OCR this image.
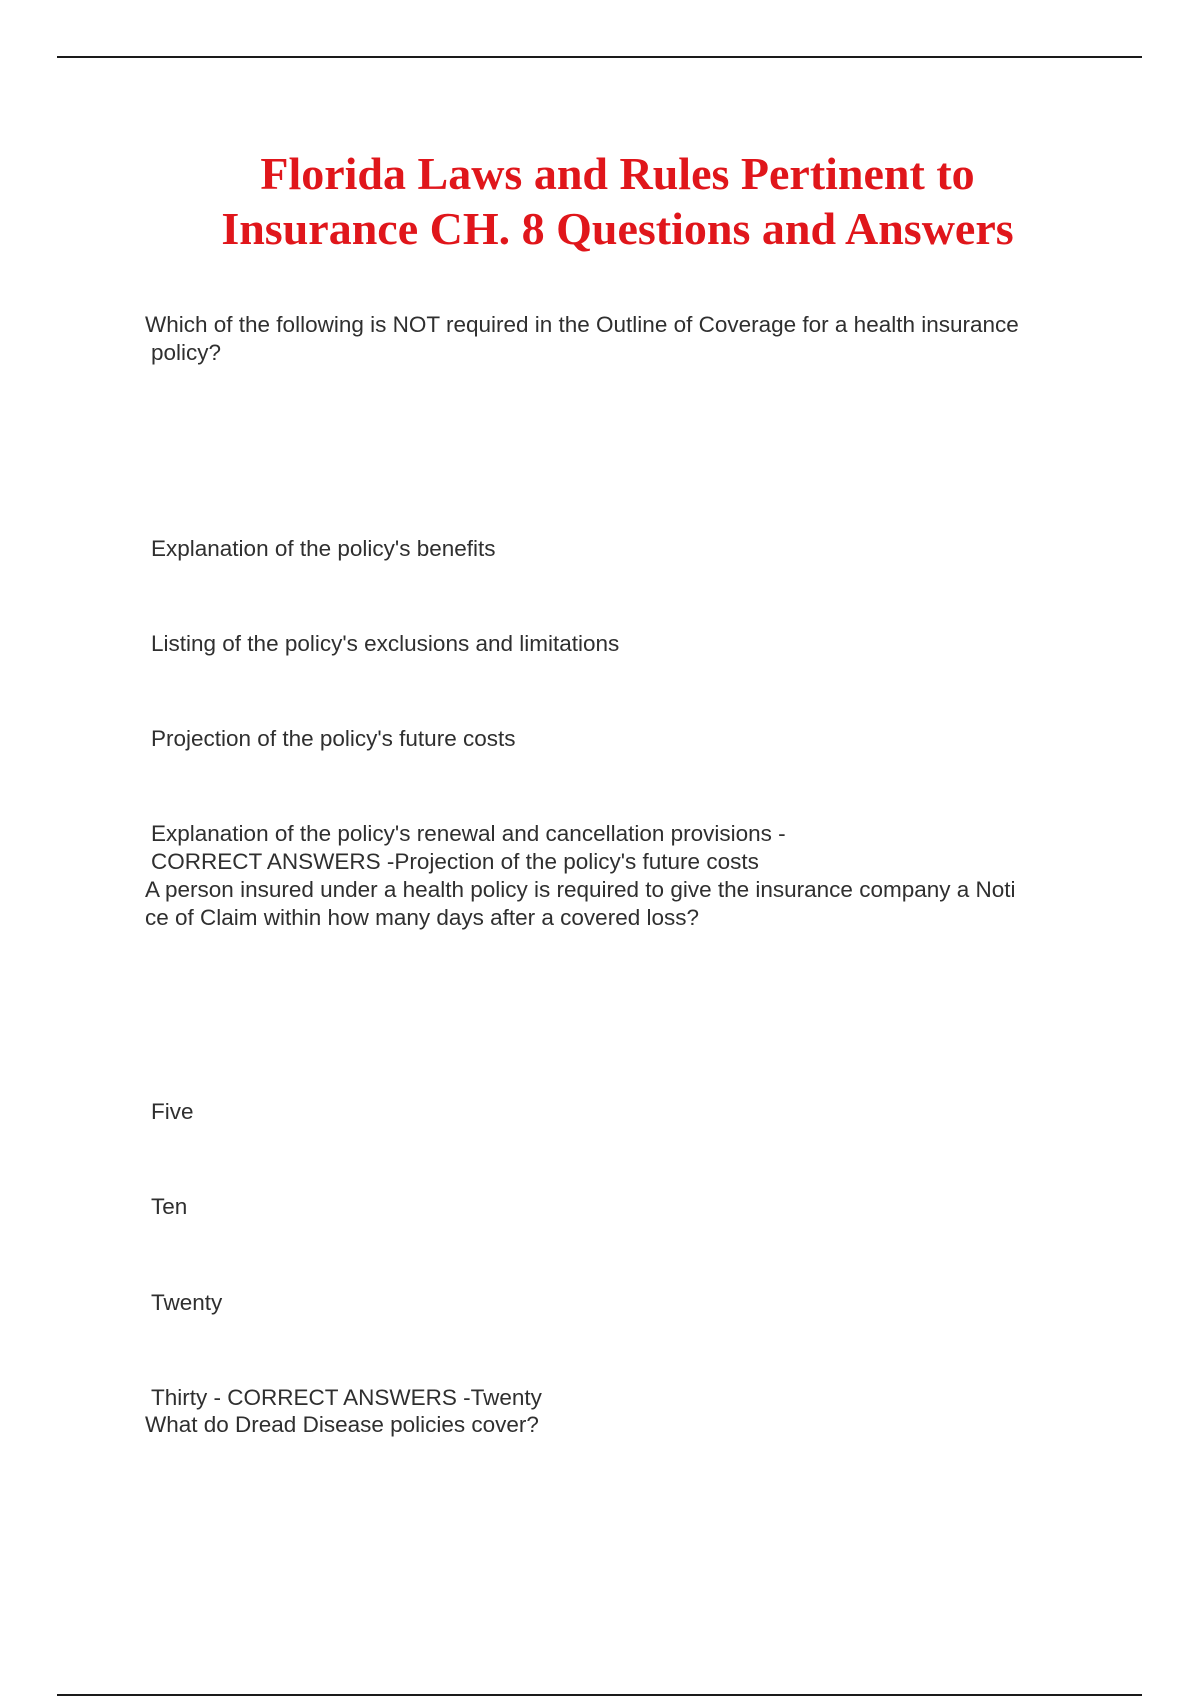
Florida Laws and Rules Pertinent to
Insurance CH. 8 Questions and Answers

Which of the following is NOT required in the Outline of Coverage for a health insurance
policy?

Explanation of the policy's benefits

Listing of the policy's exclusions and limitations

Projection of the policy's future costs

Explanation of the policy's renewal and cancellation provisions -
CORRECT ANSWERS -Projection of the policy's future costs

A person insured under a health policy is required to give the insurance company a Noti
ce of Claim within how many days after a covered loss?

Five

Ten

Twenty

Thirty - CORRECT ANSWERS -Twenty

What do Dread Disease policies cover?
